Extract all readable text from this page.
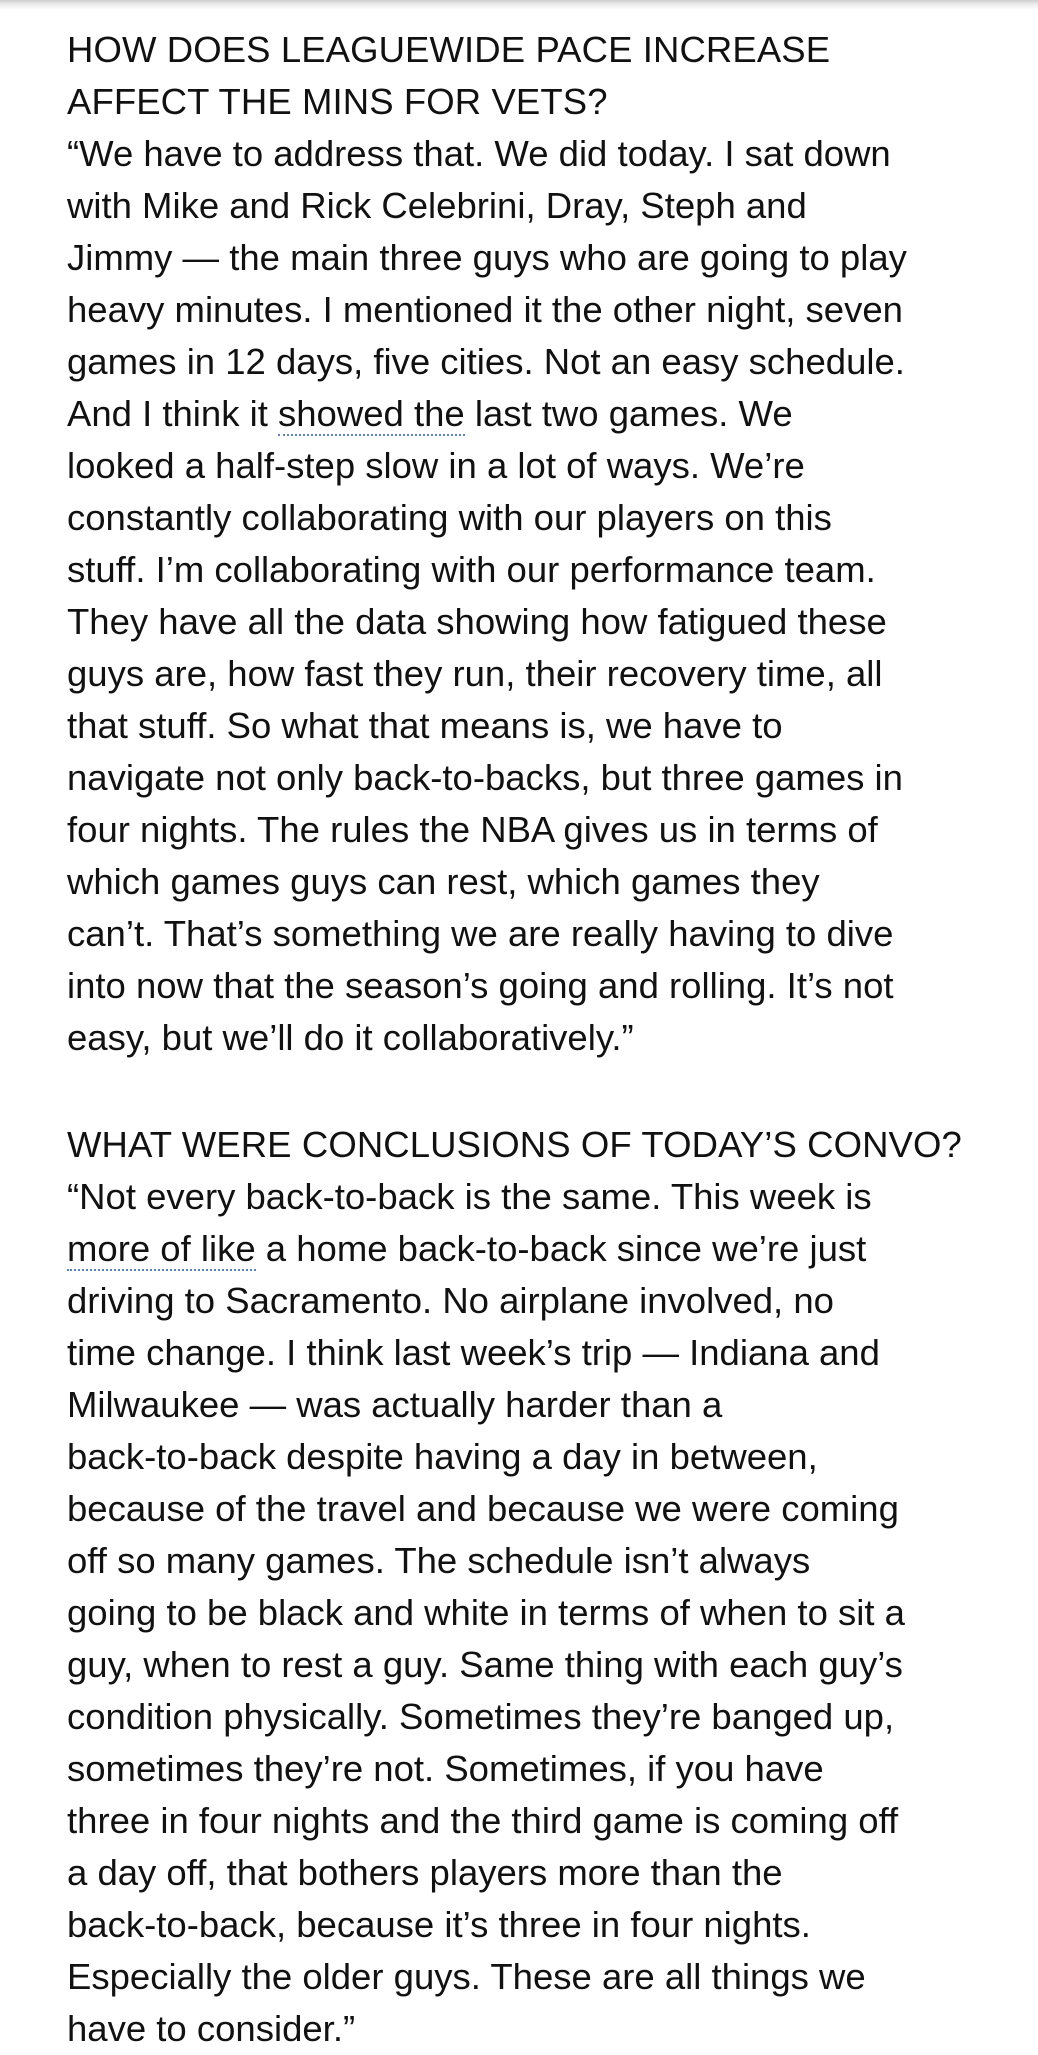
HOW DOES LEAGUEWIDE PACE INCREASE
AFFECT THE MINS FOR VETS?

“We have to address that. We did today. I sat down
with Mike and Rick Celebrini, Dray, Steph and
Jimmy — the main three guys who are going to play
heavy minutes. I mentioned it the other night, seven
games in 12 days, five cities. Not an easy schedule.
And I think it showed the last two games. We
looked a half-step slow in a lot of ways. We’re
constantly collaborating with our players on this
stuff. I’m collaborating with our performance team.
They have all the data showing how fatigued these
guys are, how fast they run, their recovery time, all
that stuff. So what that means is, we have to
navigate not only back-to-backs, but three games in
four nights. The rules the NBA gives us in terms of
which games guys can rest, which games they
can’t. That’s something we are really having to dive
into now that the season’s going and rolling. It’s not
easy, but we’ll do it collaboratively.”

WHAT WERE CONCLUSIONS OF TODAY’S CONVO?

“Not every back-to-back is the same. This week is
more of like a home back-to-back since we’re just
driving to Sacramento. No airplane involved, no
time change. I think last week’s trip — Indiana and
Milwaukee — was actually harder than a
back-to-back despite having a day in between,
because of the travel and because we were coming
off so many games. The schedule isn’t always
going to be black and white in terms of when to sit a
guy, when to rest a guy. Same thing with each guy’s
condition physically. Sometimes they’re banged up,
sometimes they’re not. Sometimes, if you have
three in four nights and the third game is coming off
a day off, that bothers players more than the
back-to-back, because it’s three in four nights.
Especially the older guys. These are all things we
have to consider.”
